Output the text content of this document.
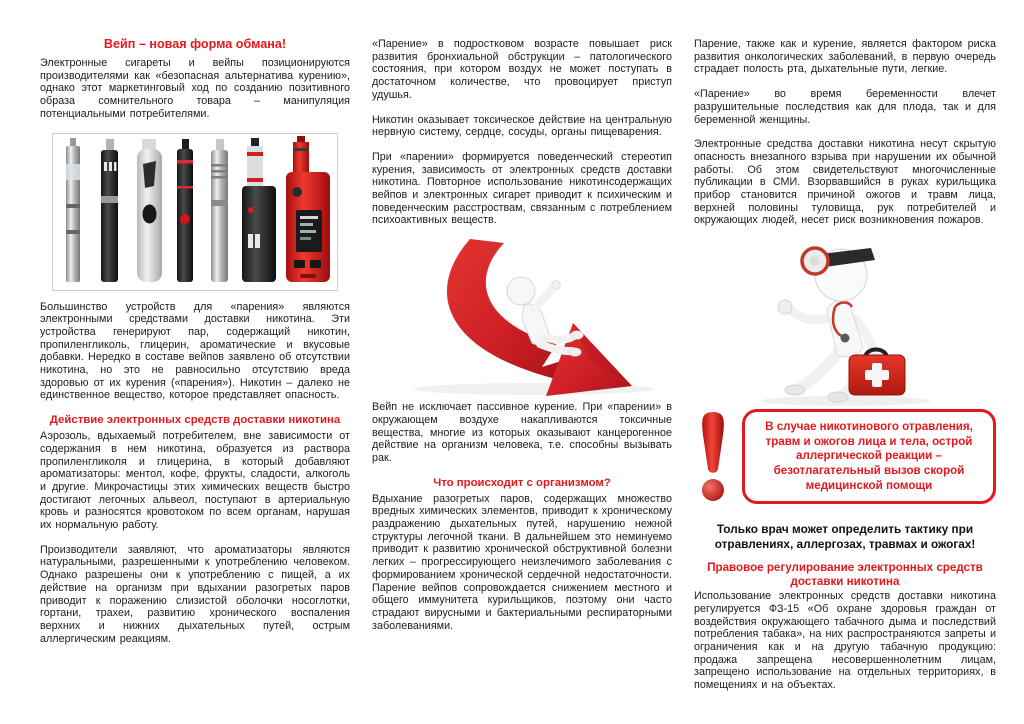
Вейп – новая форма обмана!

Электронные сигареты и вейпы позиционируются производителями как «безопасная альтернатива курению», однако этот маркетинговый ход по созданию позитивного образа сомнительного товара – манипуляция потенциальными потребителями.

Большинство устройств для «парения» являются электронными средствами доставки никотина. Эти устройства генерируют пар, содержащий никотин, пропиленгликоль, глицерин, ароматические и вкусовые добавки. Нередко в составе вейпов заявлено об отсутствии никотина, но это не равносильно отсутствию вреда здоровью от их курения («парения»). Никотин – далеко не единственное вещество, которое представляет опасность.

Действие электронных средств доставки никотина

Аэрозоль, вдыхаемый потребителем, вне зависимости от содержания в нем никотина, образуется из раствора пропиленгликоля и глицерина, в который добавляют ароматизаторы: ментол, кофе, фрукты, сладости, алкоголь и другие. Микрочастицы этих химических веществ быстро достигают легочных альвеол, поступают в артериальную кровь и разносятся кровотоком по всем органам, нарушая их нормальную работу.

Производители заявляют, что ароматизаторы являются натуральными, разрешенными к употреблению человеком. Однако разрешены они к употреблению с пищей, а их действие на организм при вдыхании разогретых паров приводит к поражению слизистой оболочки носоглотки, гортани, трахеи, развитию хронического воспаления верхних и нижних дыхательных путей, острым аллергическим реакциям.

«Парение» в подростковом возрасте повышает риск развития бронхиальной обструкции – патологического состояния, при котором воздух не может поступать в достаточном количестве, что провоцирует приступ удушья.

Никотин оказывает токсическое действие на центральную нервную систему, сердце, сосуды, органы пищеварения.

При «парении» формируется поведенческий стереотип курения, зависимость от электронных средств доставки никотина. Повторное использование никотинсодержащих вейпов и электронных сигарет приводит к психическим и поведенческим расстроствам, связанным с потреблением психоактивных веществ.

Вейп не исключает пассивное курение. При «парении» в окружающем воздухе накапливаются токсичные вещества, многие из которых оказывают канцерогенное действие на организм человека, т.е. способны вызывать рак.

Что происходит с организмом?

Вдыхание разогретых паров, содержащих множество вредных химических элементов, приводит к хроническому раздражению дыхательных путей, нарушению нежной структуры легочной ткани. В дальнейшем это неминуемо приводит к развитию хронической обструктивной болезни легких – прогрессирующего неизлечимого заболевания с формированием хронической сердечной недостаточности. Парение вейпов сопровождается снижением местного и общего иммунитета курильщиков, поэтому они часто страдают вирусными и бактериальными респираторными заболеваниями.

Парение, также как и курение, является фактором риска развития онкологических заболеваний, в первую очередь страдает полость рта, дыхательные пути, легкие.

«Парение» во время беременности влечет разрушительные последствия как для плода, так и для беременной женщины.

Электронные средства доставки никотина несут скрытую опасность внезапного взрыва при нарушении их обычной работы. Об этом свидетельствуют многочисленные публикации в СМИ. Взорвавшийся в руках курильщика прибор становится причиной ожогов и травм лица, верхней половины туловища, рук потребителей и окружающих людей, несет риск возникновения пожаров.

В случае никотинового отравления, травм и ожогов лица и тела, острой аллергической реакции – безотлагательный вызов скорой медицинской помощи

Только врач может определить тактику при отравлениях, аллергозах, травмах и ожогах!

Правовое регулирование электронных средств доставки никотина

Использование электронных средств доставки никотина регулируется ФЗ-15 «Об охране здоровья граждан от воздействия окружающего табачного дыма и последствий потребления табака», на них распространяются запреты и ограничения как и на другую табачную продукцию: продажа запрещена несовершеннолетним лицам, запрещено использование на отдельных территориях, в помещениях и на объектах.
